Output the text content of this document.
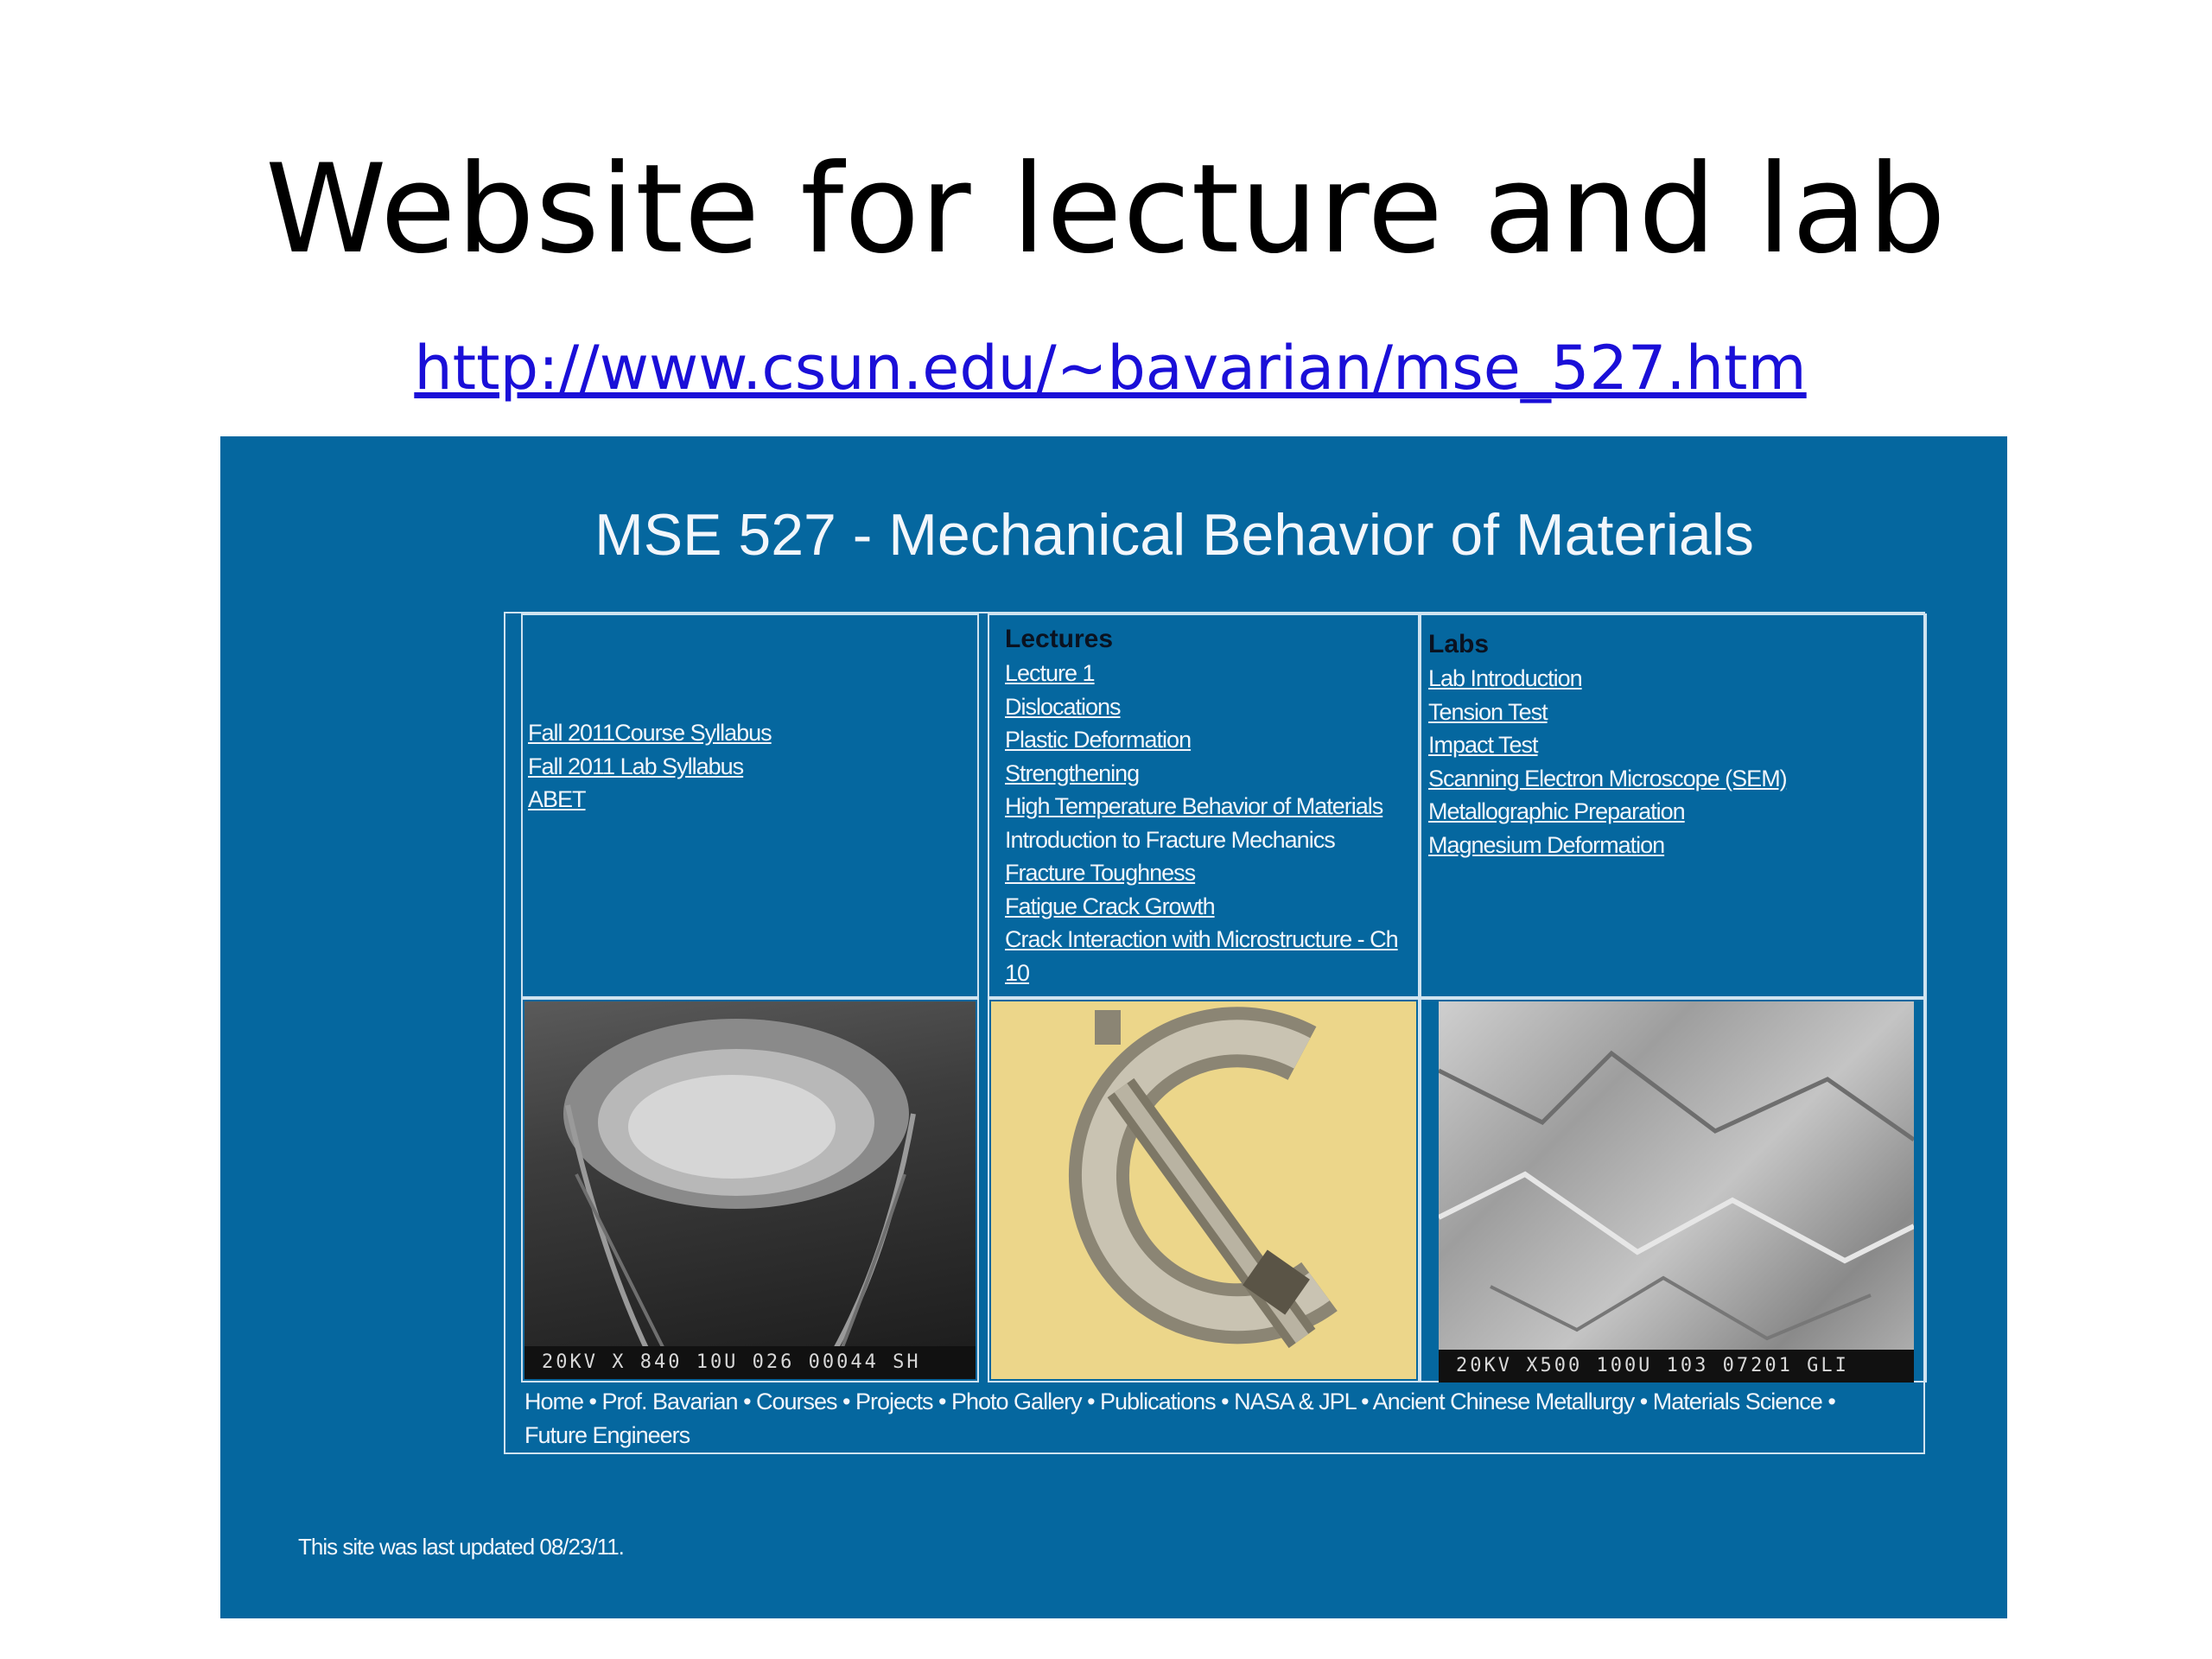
Website for lecture and lab
http://www.csun.edu/~bavarian/mse_527.htm
MSE 527 - Mechanical Behavior of Materials
Fall 2011Course Syllabus
Fall 2011 Lab Syllabus
ABET
Lectures
Lecture 1
Dislocations
Plastic Deformation
Strengthening
High Temperature Behavior of Materials
Introduction to Fracture Mechanics
Fracture Toughness
Fatigue Crack Growth
Crack Interaction with Microstructure - Ch
10
Labs
Lab Introduction
Tension Test
Impact Test
Scanning Electron Microscope (SEM)
Metallographic Preparation
Magnesium Deformation
20KV X 840 10U 026 00044 SH	20KV X500 100U 103 07201 GLI
Home • Prof. Bavarian • Courses • Projects • Photo Gallery • Publications • NASA & JPL • Ancient Chinese Metallurgy • Materials Science •
Future Engineers
This site was last updated 08/23/11.
